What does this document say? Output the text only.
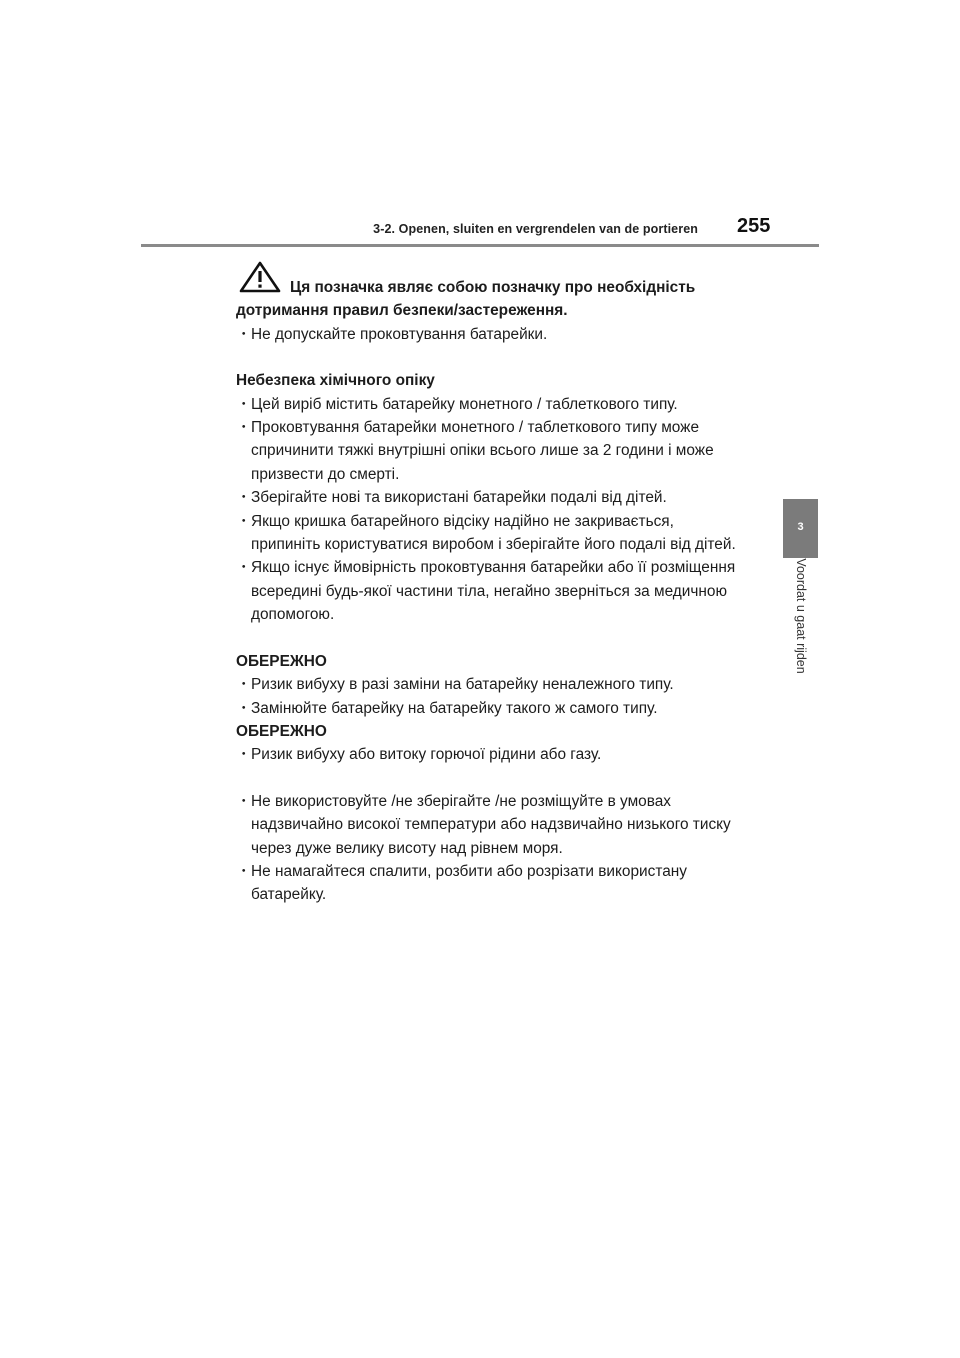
3-2. Openen, sluiten en vergrendelen van de portieren 255
3
Voordat u gaat rijden
Ця позначка являє собою позначку про необхідність
дотримання правил безпеки/застереження.
・ Не допускайте проковтування батарейки.
Небезпека хімічного опіку
・ Цей виріб містить батарейку монетного / таблеткового типу.
・ Проковтування батарейки монетного / таблеткового типу може спричинити тяжкі внутрішні опіки всього лише за 2 години і може призвести до смерті.
・ Зберігайте нові та використані батарейки подалі від дітей.
・ Якщо кришка батарейного відсіку надійно не закривається, припиніть користуватися виробом і зберігайте його подалі від дітей.
・ Якщо існує ймовірність проковтування батарейки або її розміщення всередині будь-якої частини тіла, негайно зверніться за медичною допомогою.
ОБЕРЕЖНО
・ Ризик вибуху в разі заміни на батарейку неналежного типу.
・ Замінюйте батарейку на батарейку такого ж самого типу.
ОБЕРЕЖНО
・ Ризик вибуху або витоку горючої рідини або газу.
・ Не використовуйте /не зберігайте /не розміщуйте в умовах надзвичайно високої температури або надзвичайно низького тиску через дуже велику висоту над рівнем моря.
・ Не намагайтеся спалити, розбити або розрізати використану батарейку.
